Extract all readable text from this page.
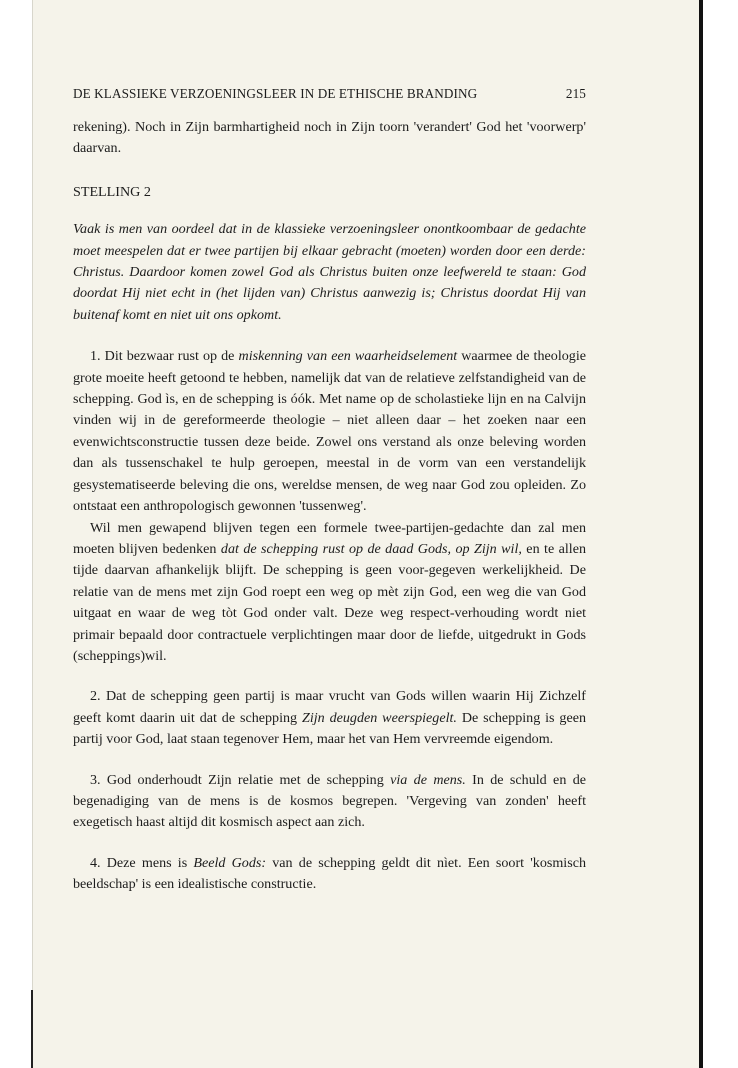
DE KLASSIEKE VERZOENINGSLEER IN DE ETHISCHE BRANDING	215

rekening). Noch in Zijn barmhartigheid noch in Zijn toorn 'verandert' God het 'voorwerp' daarvan.

STELLING 2

Vaak is men van oordeel dat in de klassieke verzoeningsleer onontkoombaar de gedachte moet meespelen dat er twee partijen bij elkaar gebracht (moeten) worden door een derde: Christus. Daardoor komen zowel God als Christus buiten onze leefwereld te staan: God doordat Hij niet echt in (het lijden van) Christus aanwezig is; Christus doordat Hij van buitenaf komt en niet uit ons opkomt.

1. Dit bezwaar rust op de miskenning van een waarheidselement waarmee de theologie grote moeite heeft getoond te hebben, namelijk dat van de relatieve zelfstandigheid van de schepping. God ìs, en de schepping is óók. Met name op de scholastieke lijn en na Calvijn vinden wij in de gereformeerde theologie – niet alleen daar – het zoeken naar een evenwichtsconstructie tussen deze beide. Zowel ons verstand als onze beleving worden dan als tussenschakel te hulp geroepen, meestal in de vorm van een verstandelijk gesystematiseerde beleving die ons, wereldse mensen, de weg naar God zou opleiden. Zo ontstaat een anthropologisch gewonnen 'tussenweg'.

Wil men gewapend blijven tegen een formele twee-partijen-gedachte dan zal men moeten blijven bedenken dat de schepping rust op de daad Gods, op Zijn wil, en te allen tijde daarvan afhankelijk blijft. De schepping is geen voor-gegeven werkelijkheid. De relatie van de mens met zijn God roept een weg op mèt zijn God, een weg die van God uitgaat en waar de weg tòt God onder valt. Deze weg respect-verhouding wordt niet primair bepaald door contractuele verplichtingen maar door de liefde, uitgedrukt in Gods (scheppings)wil.

2. Dat de schepping geen partij is maar vrucht van Gods willen waarin Hij Zichzelf geeft komt daarin uit dat de schepping Zijn deugden weerspiegelt. De schepping is geen partij voor God, laat staan tegenover Hem, maar het van Hem vervreemde eigendom.

3. God onderhoudt Zijn relatie met de schepping via de mens. In de schuld en de begenadiging van de mens is de kosmos begrepen. 'Vergeving van zonden' heeft exegetisch haast altijd dit kosmisch aspect aan zich.

4. Deze mens is Beeld Gods: van de schepping geldt dit nìet. Een soort 'kosmisch beeldschap' is een idealistische constructie.
